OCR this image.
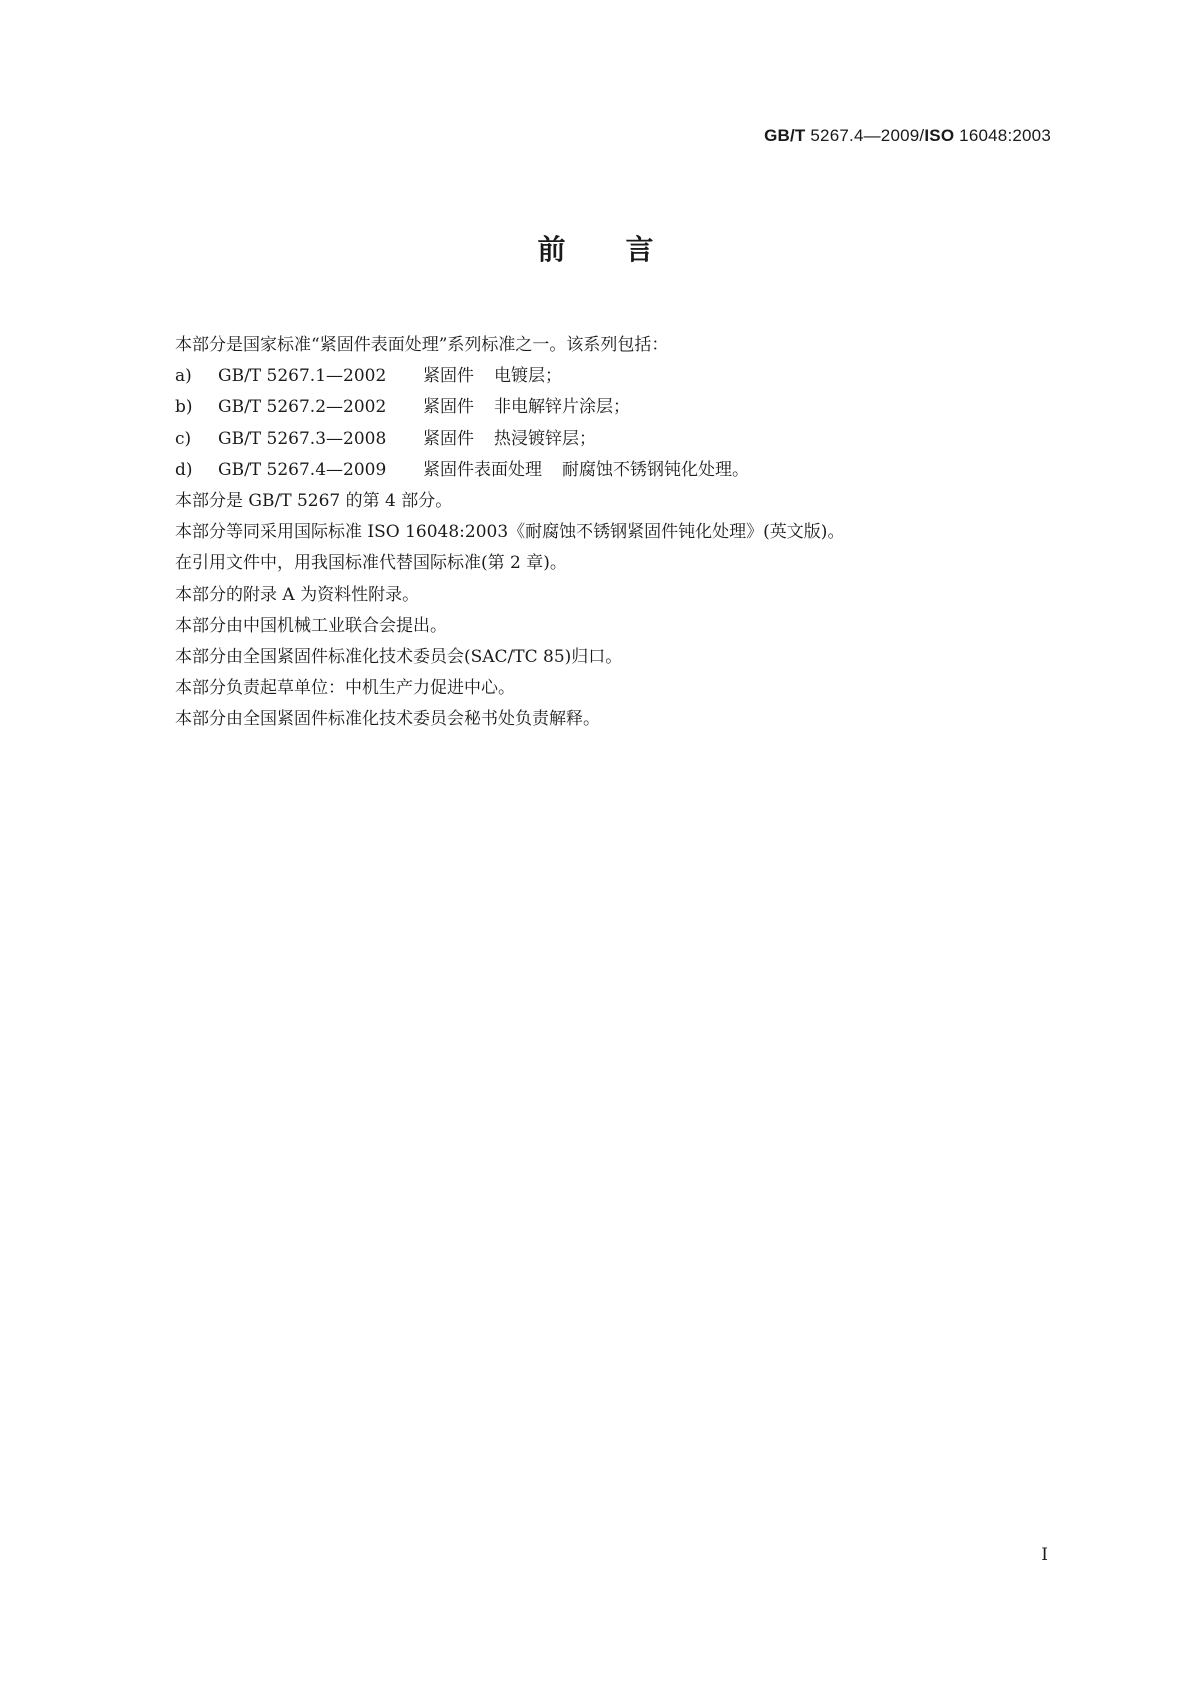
GB/T 5267.4—2009/ISO 16048:2003
前言
本部分是国家标准“紧固件表面处理”系列标准之一。该系列包括：
a) GB/T 5267.1—2002 紧固件 电镀层；
b) GB/T 5267.2—2002 紧固件 非电解锌片涂层；
c) GB/T 5267.3—2008 紧固件 热浸镀锌层；
d) GB/T 5267.4—2009 紧固件表面处理 耐腐蚀不锈钢钝化处理。
本部分是 GB/T 5267 的第 4 部分。
本部分等同采用国际标准 ISO 16048:2003《耐腐蚀不锈钢紧固件钝化处理》(英文版)。
在引用文件中，用我国标准代替国际标准(第 2 章)。
本部分的附录 A 为资料性附录。
本部分由中国机械工业联合会提出。
本部分由全国紧固件标准化技术委员会(SAC/TC 85)归口。
本部分负责起草单位：中机生产力促进中心。
本部分由全国紧固件标准化技术委员会秘书处负责解释。
I
